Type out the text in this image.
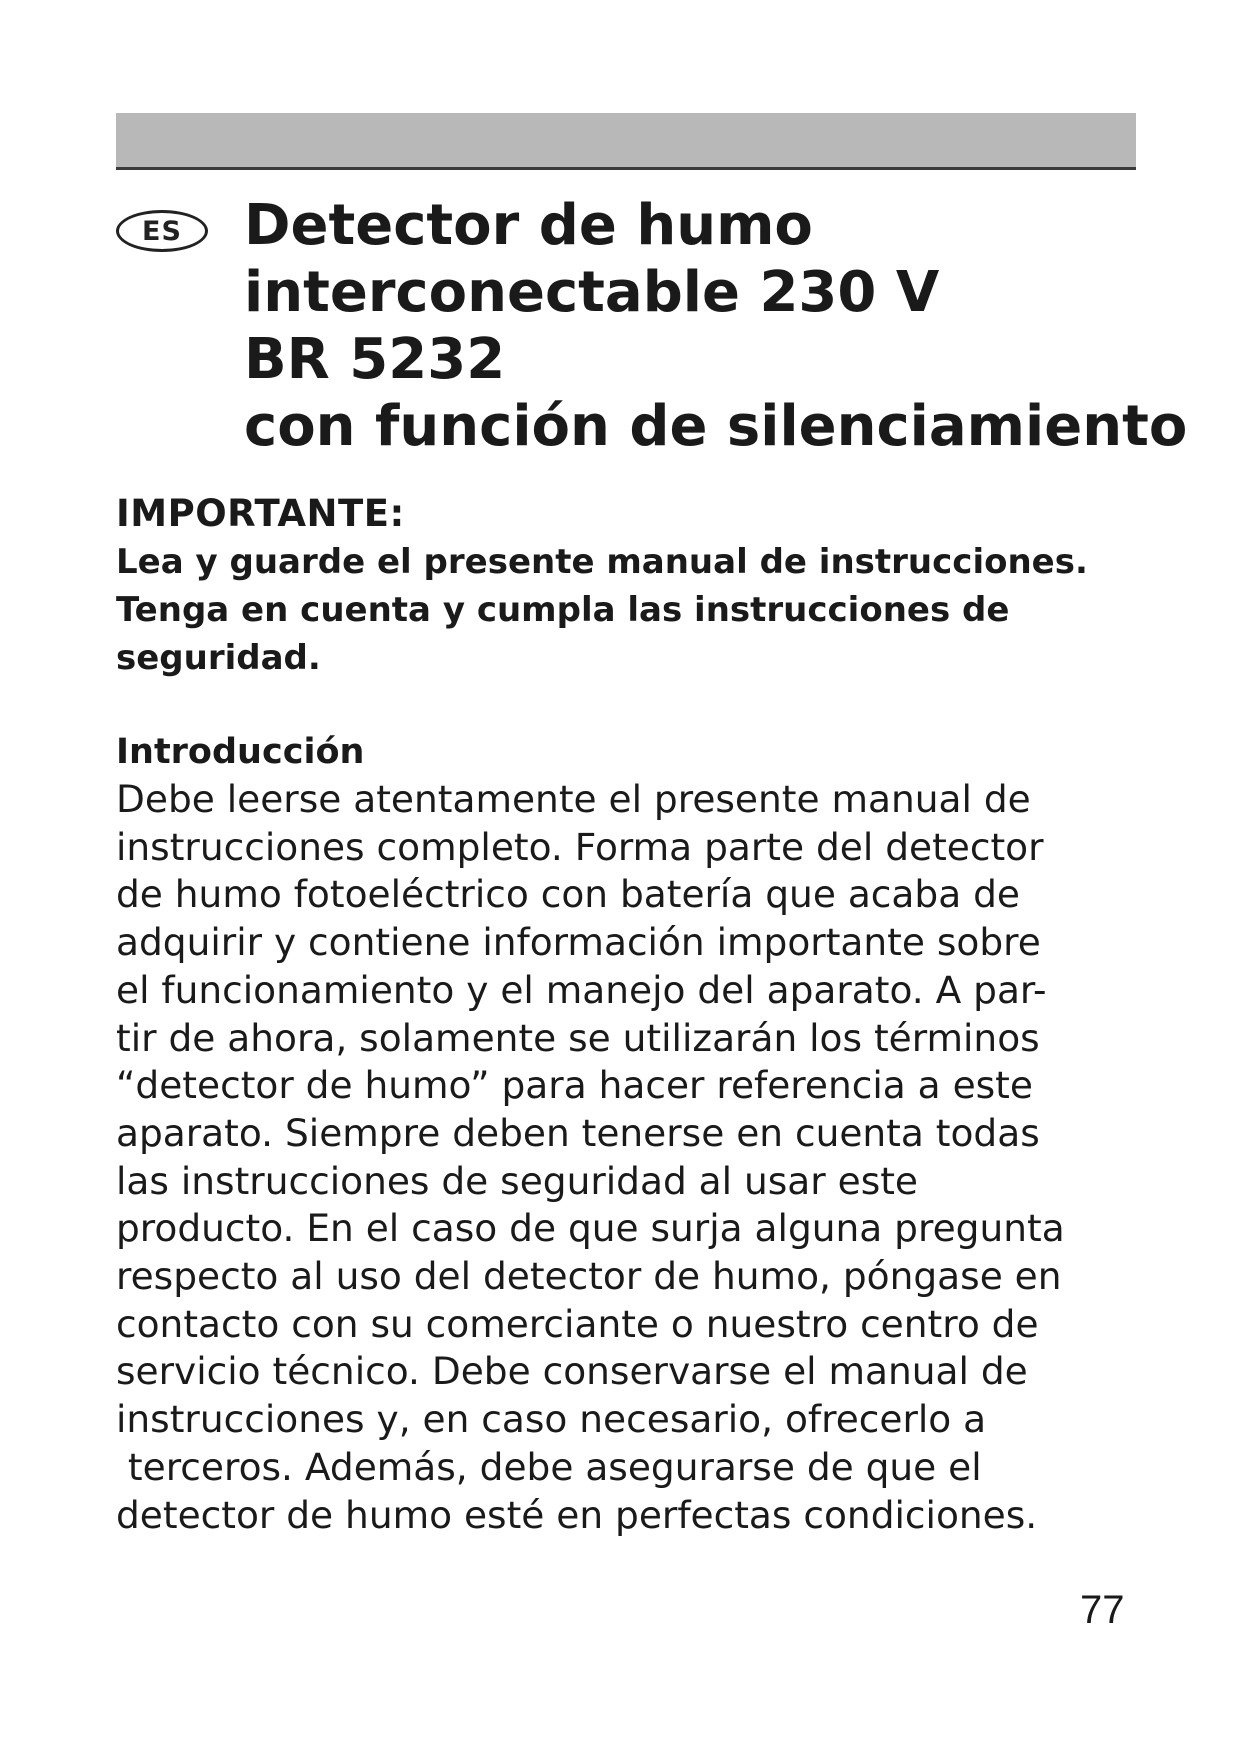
ES	Detector de humo
interconectable 230 V
BR 5232
con función de silenciamiento
IMPORTANTE:
Lea y guarde el presente manual de instrucciones.
Tenga en cuenta y cumpla las instrucciones de
seguridad.
Introducción
Debe leerse atentamente el presente manual de
instrucciones completo. Forma parte del detector
de humo fotoeléctrico con batería que acaba de
adquirir y contiene información importante sobre
el funcionamiento y el manejo del aparato. A par-
tir de ahora, solamente se utilizarán los términos
“detector de humo” para hacer referencia a este
aparato. Siempre deben tenerse en cuenta todas
las instrucciones de seguridad al usar este
producto. En el caso de que surja alguna pregunta
respecto al uso del detector de humo, póngase en
contacto con su comerciante o nuestro centro de
servicio técnico. Debe conservarse el manual de
instrucciones y, en caso necesario, ofrecerlo a
terceros. Además, debe asegurarse de que el
detector de humo esté en perfectas condiciones.
77
